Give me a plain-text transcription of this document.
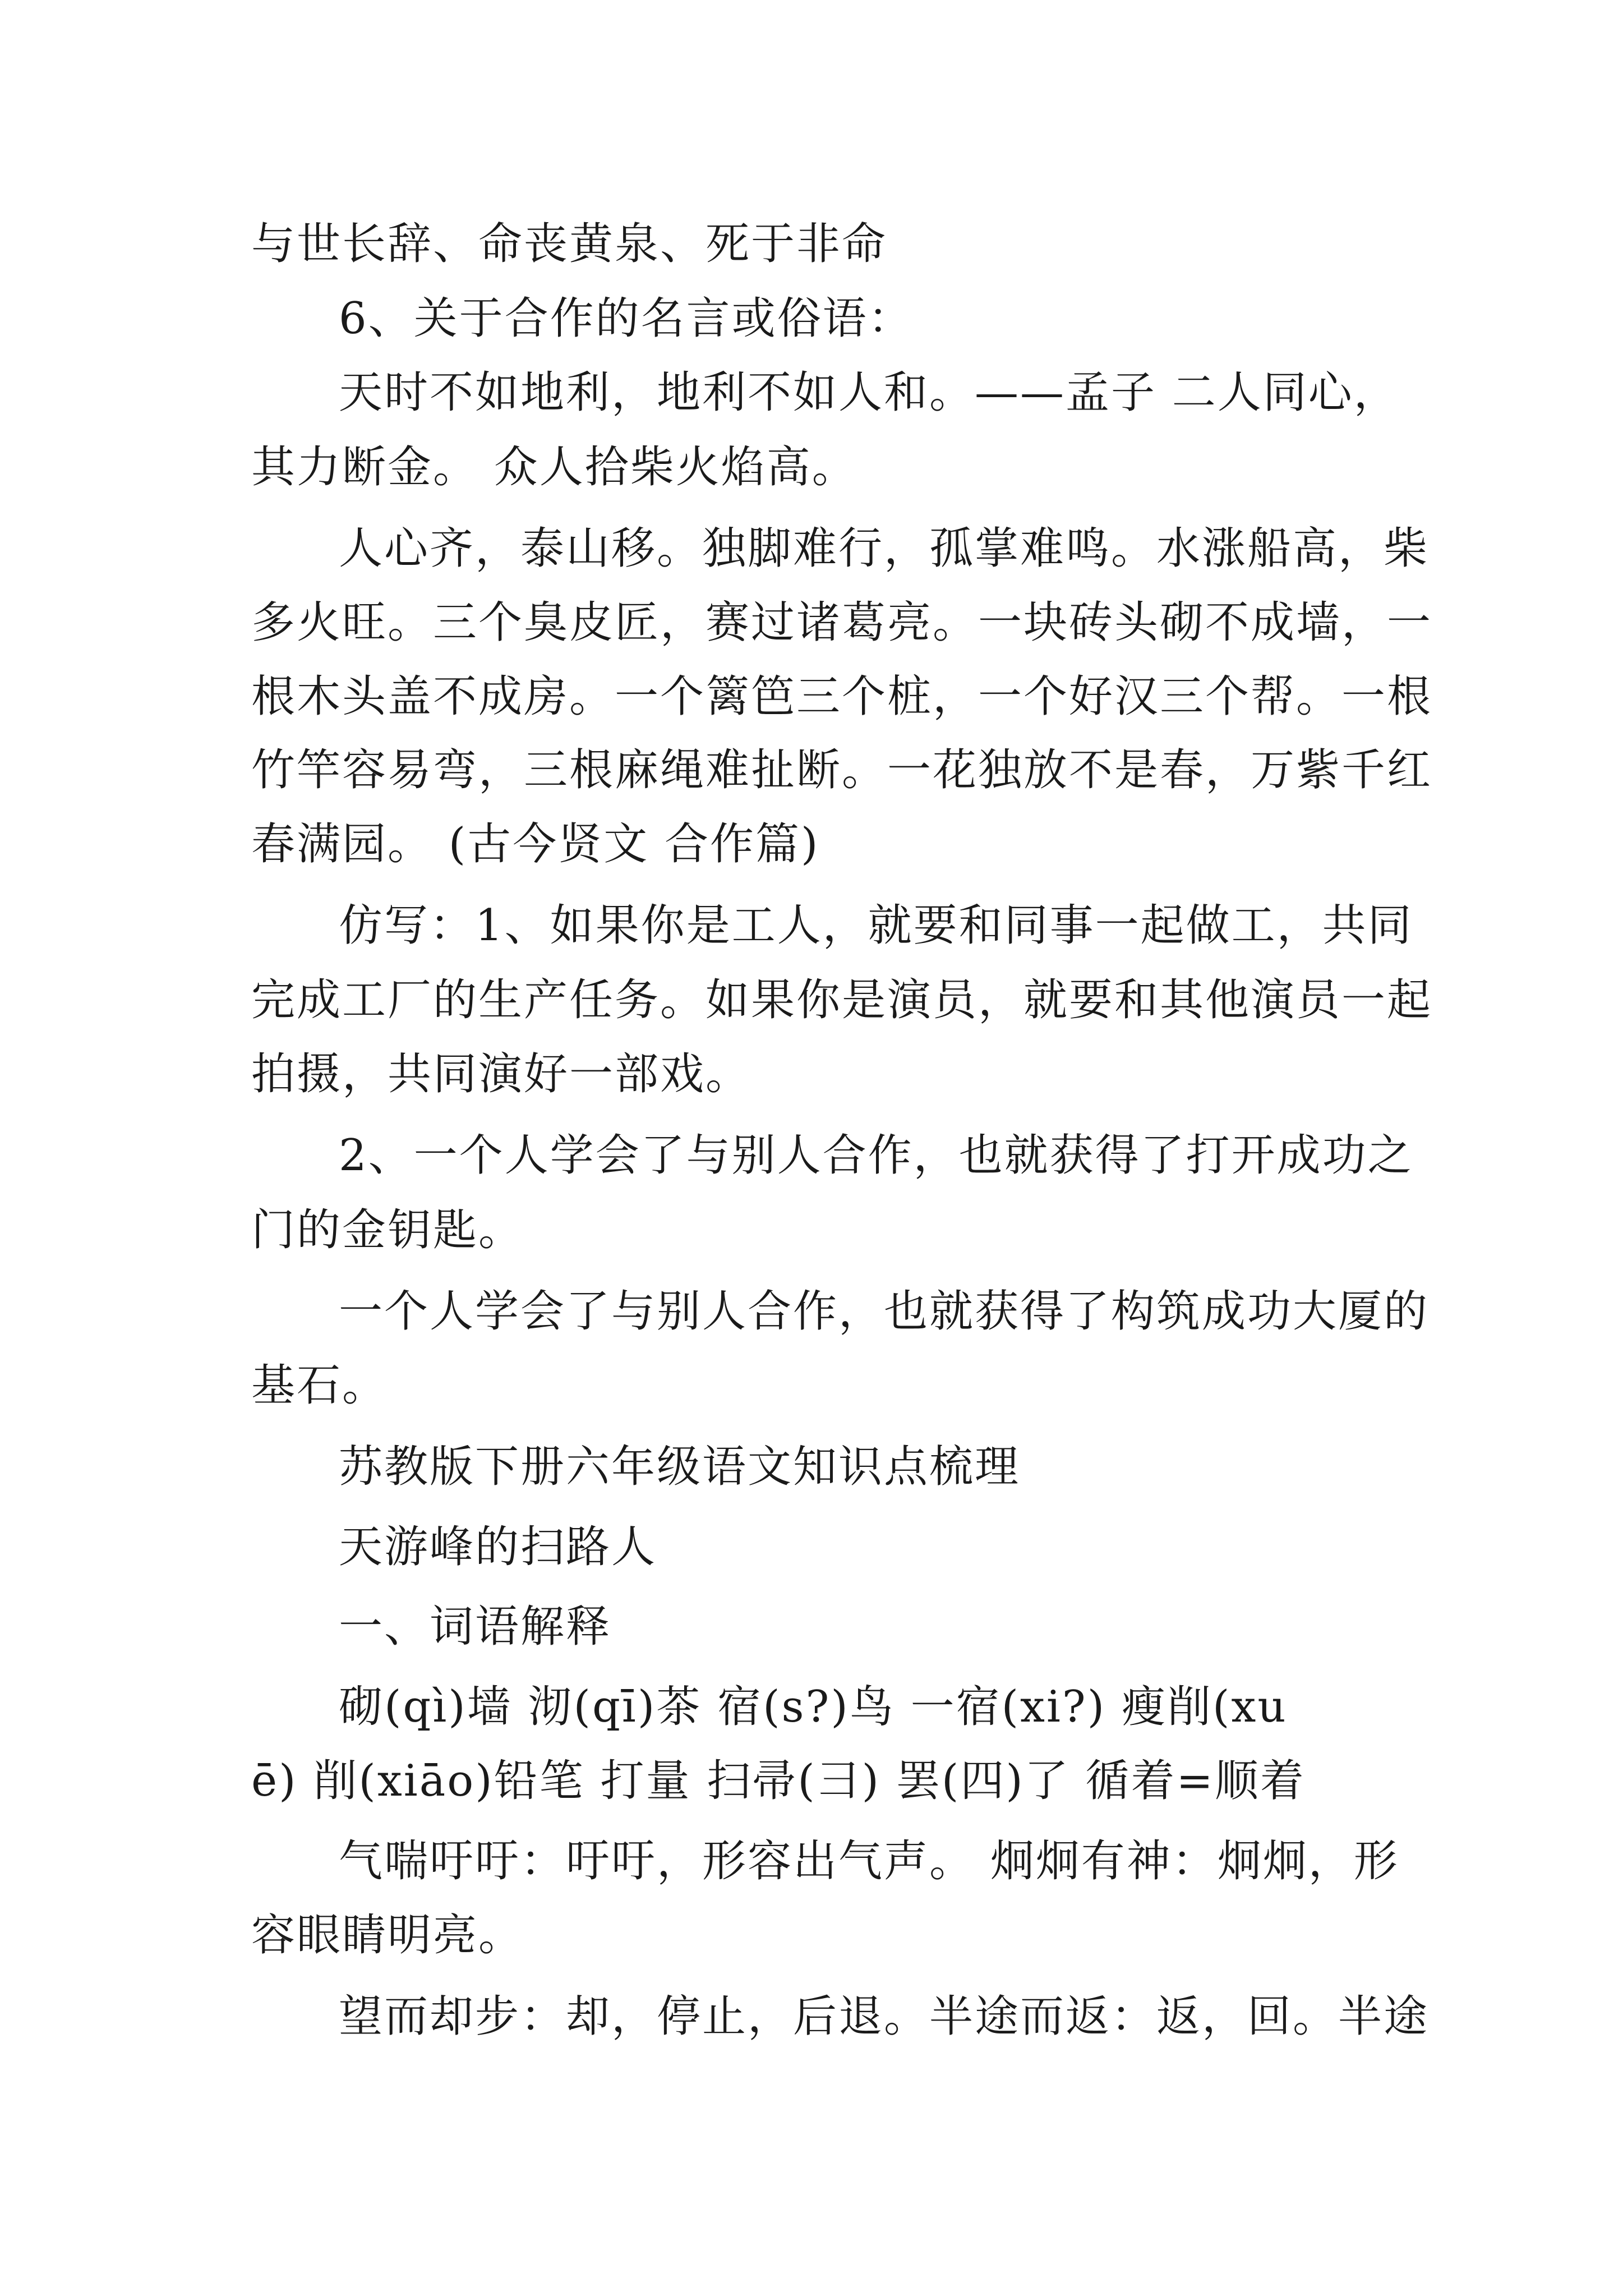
与世长辞、命丧黄泉、死于非命
6、关于合作的名言或俗语：
天时不如地利，地利不如人和。——孟子 二人同心，
其力断金。 众人拾柴火焰高。
人心齐，泰山移。独脚难行，孤掌难鸣。水涨船高，柴
多火旺。三个臭皮匠，赛过诸葛亮。一块砖头砌不成墙，一
根木头盖不成房。一个篱笆三个桩，一个好汉三个帮。一根
竹竿容易弯，三根麻绳难扯断。一花独放不是春，万紫千红
春满园。 (古今贤文 合作篇)
仿写：1、如果你是工人，就要和同事一起做工，共同
完成工厂的生产任务。如果你是演员，就要和其他演员一起
拍摄，共同演好一部戏。
2、一个人学会了与别人合作，也就获得了打开成功之
门的金钥匙。
一个人学会了与别人合作，也就获得了构筑成功大厦的
基石。
苏教版下册六年级语文知识点梳理
天游峰的扫路人
一、词语解释
砌(qì)墙 沏(qī)茶 宿(s?)鸟 一宿(xi?) 瘦削(xu
ē) 削(xiāo)铅笔 打量 扫帚(彐) 罢(四)了 循着=顺着
气喘吁吁：吁吁，形容出气声。 炯炯有神：炯炯，形
容眼睛明亮。
望而却步：却，停止，后退。半途而返：返，回。半途
